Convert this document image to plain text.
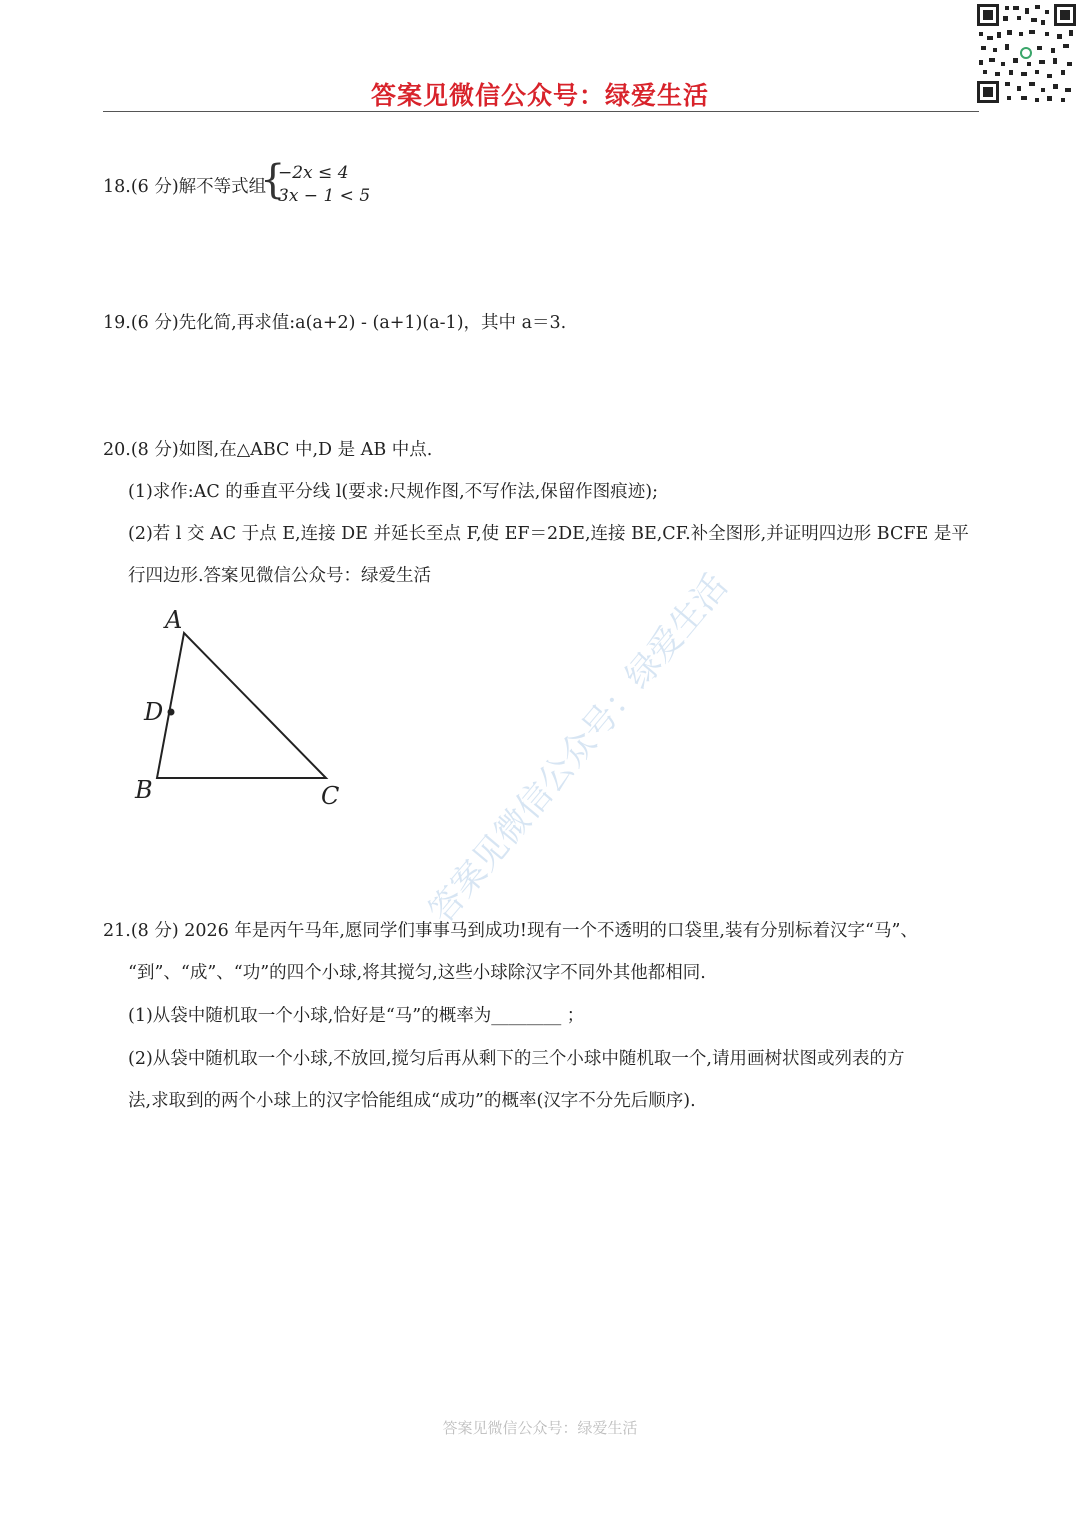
答案见微信公众号：绿爱生活
18.(6 分)解不等式组
{
−2x ≤ 4
3x − 1 < 5
19.(6 分)先化简,再求值:a(a+2) - (a+1)(a-1)，其中 a＝3.
20.(8 分)如图,在△ABC 中,D 是 AB 中点.
(1)求作:AC 的垂直平分线 l(要求:尺规作图,不写作法,保留作图痕迹);
(2)若 l 交 AC 于点 E,连接 DE 并延长至点 F,使 EF＝2DE,连接 BE,CF.补全图形,并证明四边形 BCFE 是平
行四边形.答案见微信公众号：绿爱生活
A
D
B	C 答案见微信公众号：绿爱生活
21.(8 分) 2026 年是丙午马年,愿同学们事事马到成功!现有一个不透明的口袋里,装有分别标着汉字“马”、
“到”、“成”、“功”的四个小球,将其搅匀,这些小球除汉字不同外其他都相同.
(1)从袋中随机取一个小球,恰好是“马”的概率为________ ；
(2)从袋中随机取一个小球,不放回,搅匀后再从剩下的三个小球中随机取一个,请用画树状图或列表的方
法,求取到的两个小球上的汉字恰能组成“成功”的概率(汉字不分先后顺序).
答案见微信公众号：绿爱生活
